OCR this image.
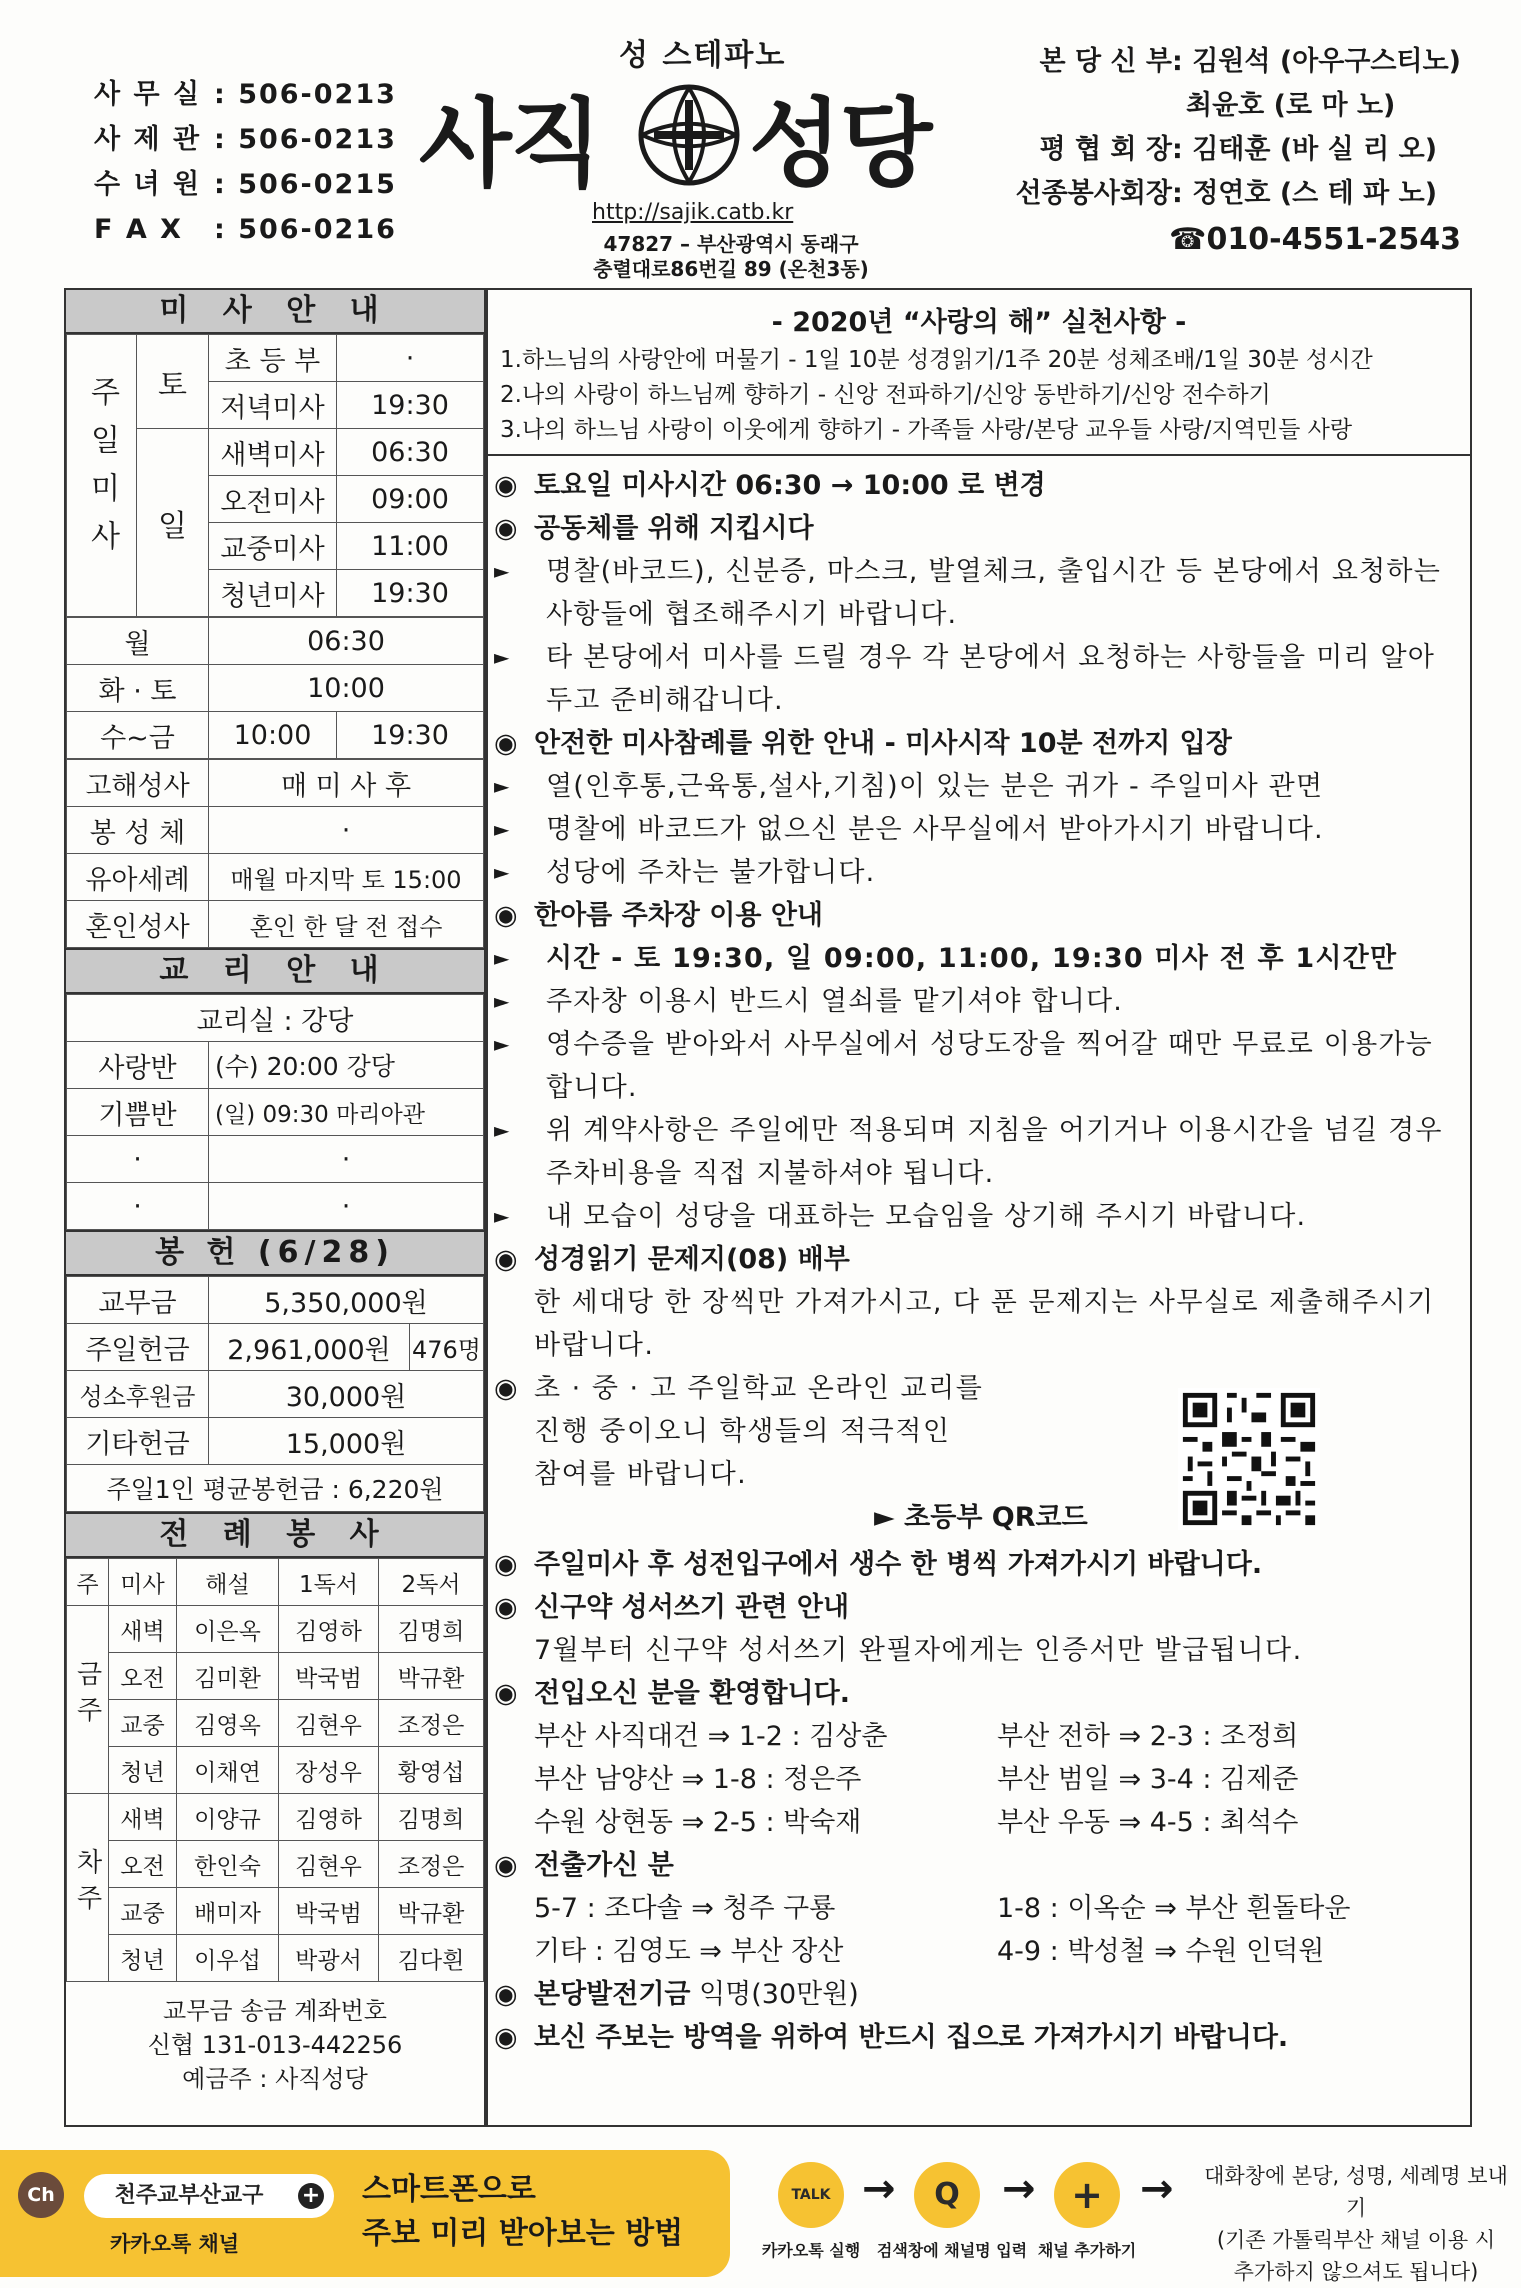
사 무 실 : 506-0213
사 제 관 : 506-0213
수 녀 원 : 506-0215
F A X : 506-0216
성 스테파노
사직 성당
http://sajik.catb.kr
47827 – 부산광역시 동래구
충렬대로86번길 89 (온천3동)
본 당 신 부: 김원석 (아우구스티노)
최윤호 (로 마 노)
평 협 회 장: 김태훈 (바 실 리 오)
선종봉사회장: 정연호 (스 테 파 노)
☎010-4551-2543
미 사 안 내
주일미사	토	초 등 부	·
		저녁미사	19:30
	일	새벽미사	06:30
		오전미사	09:00
		교중미사	11:00
		청년미사	19:30
월	06:30	
화 · 토	10:00	
수~금	10:00	19:30
고해성사	매 미 사 후
봉 성 체	·
유아세례	매월 마지막 토 15:00
혼인성사	혼인 한 달 전 접수
교 리 안 내
교리실 : 강당	
사랑반	(수) 20:00 강당
기쁨반	(일) 09:30 마리아관
·	·
·	·
봉 헌 (6/28)
교무금	5,350,000원	
주일헌금	2,961,000원	476명
성소후원금	30,000원	
기타헌금	15,000원	
주일1인 평균봉헌금 : 6,220원		
전 례 봉 사
주	미사	해설	1독서	2독서
금주	새벽	이은옥	김영하	김명희
	오전	김미환	박국범	박규환
	교중	김영옥	김현우	조정은
	청년	이채연	장성우	황영섭
차주	새벽	이양규	김영하	김명희
	오전	한인숙	김현우	조정은
	교중	배미자	박국범	박규환
	청년	이우섭	박광서	김다흰
교무금 송금 계좌번호
신협 131-013-442256
예금주 : 사직성당
- 2020년 “사랑의 해” 실천사항 -
1.하느님의 사랑안에 머물기 - 1일 10분 성경읽기/1주 20분 성체조배/1일 30분 성시간
2.나의 사랑이 하느님께 향하기 - 신앙 전파하기/신앙 동반하기/신앙 전수하기
3.나의 하느님 사랑이 이웃에게 향하기 - 가족들 사랑/본당 교우들 사랑/지역민들 사랑
◉ 토요일 미사시간 06:30 → 10:00 로 변경
◉ 공동체를 위해 지킵시다
►	명찰(바코드), 신분증, 마스크, 발열체크, 출입시간 등 본당에서 요청하는 사항들에 협조해주시기 바랍니다.
►	타 본당에서 미사를 드릴 경우 각 본당에서 요청하는 사항들을 미리 알아두고 준비해갑니다.
◉ 안전한 미사참례를 위한 안내 - 미사시작 10분 전까지 입장
►	열(인후통,근육통,설사,기침)이 있는 분은 귀가 - 주일미사 관면
►	명찰에 바코드가 없으신 분은 사무실에서 받아가시기 바랍니다.
►	성당에 주차는 불가합니다.
◉ 한아름 주차장 이용 안내
►	시간 - 토 19:30, 일 09:00, 11:00, 19:30 미사 전 후 1시간만
►	주자창 이용시 반드시 열쇠를 맡기셔야 합니다.
►	영수증을 받아와서 사무실에서 성당도장을 찍어갈 때만 무료로 이용가능합니다.
►	위 계약사항은 주일에만 적용되며 지침을 어기거나 이용시간을 넘길 경우 주차비용을 직접 지불하셔야 됩니다.
►	내 모습이 성당을 대표하는 모습임을 상기해 주시기 바랍니다.
◉ 성경읽기 문제지(08) 배부
한 세대당 한 장씩만 가져가시고, 다 푼 문제지는 사무실로 제출해주시기 바랍니다.
◉ 초 · 중 · 고 주일학교 온라인 교리를
진행 중이오니 학생들의 적극적인
참여를 바랍니다.
► 초등부 QR코드
◉ 주일미사 후 성전입구에서 생수 한 병씩 가져가시기 바랍니다.
◉ 신구약 성서쓰기 관련 안내
7월부터 신구약 성서쓰기 완필자에게는 인증서만 발급됩니다.
◉ 전입오신 분을 환영합니다.
부산 사직대건 ⇒ 1-2 : 김상춘	부산 전하 ⇒ 2-3 : 조정희
부산 남양산 ⇒ 1-8 : 정은주	부산 범일 ⇒ 3-4 : 김제준
수원 상현동 ⇒ 2-5 : 박숙재	부산 우동 ⇒ 4-5 : 최석수
◉ 전출가신 분
5-7 : 조다솔 ⇒ 청주 구룡	1-8 : 이옥순 ⇒ 부산 흰돌타운
기타 : 김영도 ⇒ 부산 장산	4-9 : 박성철 ⇒ 수원 인덕원
◉ 본당발전기금 익명(30만원)
◉ 보신 주보는 방역을 위하여 반드시 집으로 가져가시기 바랍니다.
Ch	천주교부산교구	+
카카오톡 채널
스마트폰으로
주보 미리 받아보는 방법
TALK
카카오톡 실행
→	Q
검색창에 채널명 입력
→ +
채널 추가하기
→	대화창에 본당, 성명, 세례명 보내기
(기존 가톨릭부산 채널 이용 시
추가하지 않으셔도 됩니다)
